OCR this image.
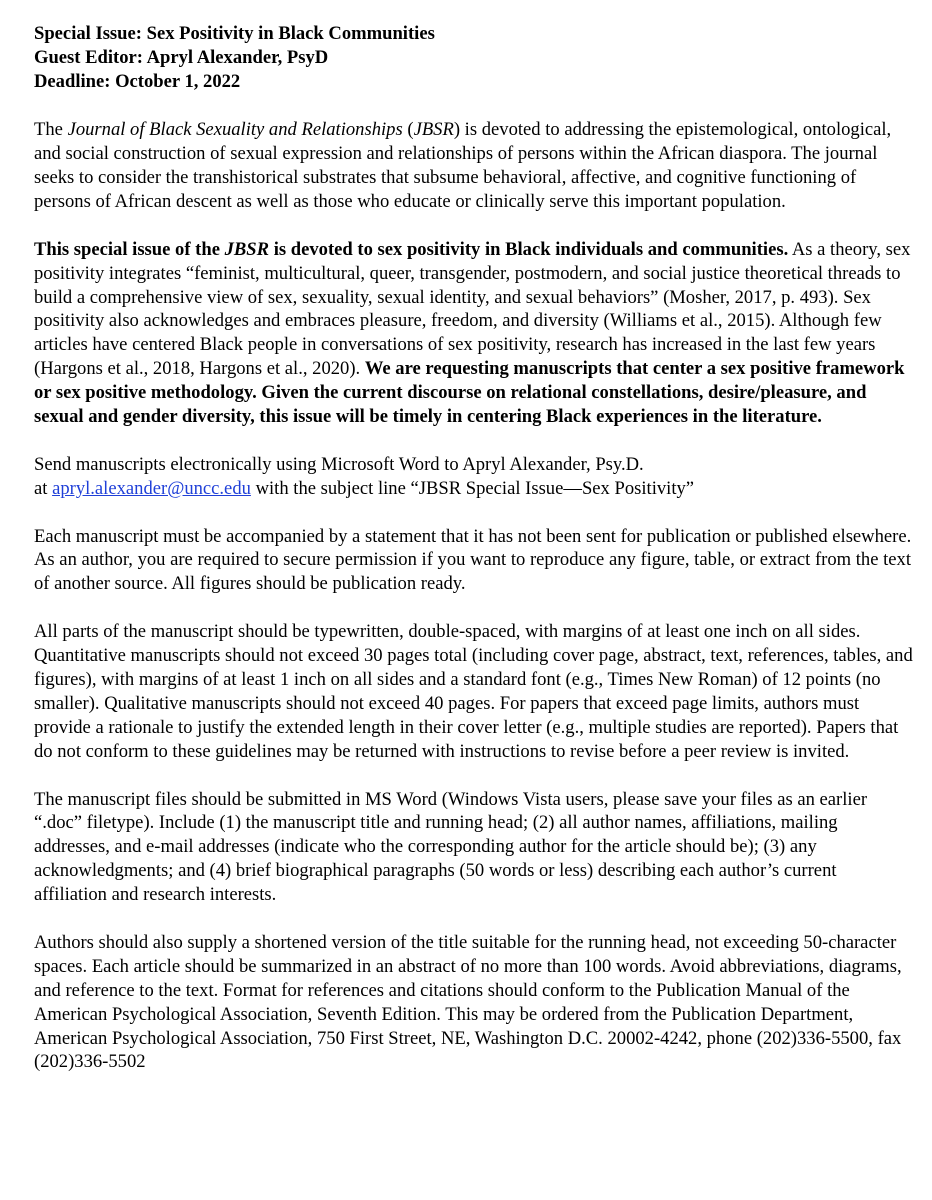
Special Issue: Sex Positivity in Black Communities
Guest Editor: Apryl Alexander, PsyD
Deadline: October 1, 2022

The Journal of Black Sexuality and Relationships (JBSR) is devoted to addressing the epistemological, ontological, and social construction of sexual expression and relationships of persons within the African diaspora. The journal seeks to consider the transhistorical substrates that subsume behavioral, affective, and cognitive functioning of persons of African descent as well as those who educate or clinically serve this important population.

This special issue of the JBSR is devoted to sex positivity in Black individuals and communities. As a theory, sex positivity integrates “feminist, multicultural, queer, transgender, postmodern, and social justice theoretical threads to build a comprehensive view of sex, sexuality, sexual identity, and sexual behaviors” (Mosher, 2017, p. 493). Sex positivity also acknowledges and embraces pleasure, freedom, and diversity (Williams et al., 2015). Although few articles have centered Black people in conversations of sex positivity, research has increased in the last few years (Hargons et al., 2018, Hargons et al., 2020). We are requesting manuscripts that center a sex positive framework or sex positive methodology. Given the current discourse on relational constellations, desire/pleasure, and sexual and gender diversity, this issue will be timely in centering Black experiences in the literature.

Send manuscripts electronically using Microsoft Word to Apryl Alexander, Psy.D.
at apryl.alexander@uncc.edu with the subject line “JBSR Special Issue—Sex Positivity”

Each manuscript must be accompanied by a statement that it has not been sent for publication or published elsewhere. As an author, you are required to secure permission if you want to reproduce any figure, table, or extract from the text of another source. All figures should be publication ready.

All parts of the manuscript should be typewritten, double-spaced, with margins of at least one inch on all sides. Quantitative manuscripts should not exceed 30 pages total (including cover page, abstract, text, references, tables, and figures), with margins of at least 1 inch on all sides and a standard font (e.g., Times New Roman) of 12 points (no smaller). Qualitative manuscripts should not exceed 40 pages. For papers that exceed page limits, authors must provide a rationale to justify the extended length in their cover letter (e.g., multiple studies are reported). Papers that do not conform to these guidelines may be returned with instructions to revise before a peer review is invited.

The manuscript files should be submitted in MS Word (Windows Vista users, please save your files as an earlier “.doc” filetype). Include (1) the manuscript title and running head; (2) all author names, affiliations, mailing addresses, and e-mail addresses (indicate who the corresponding author for the article should be); (3) any acknowledgments; and (4) brief biographical paragraphs (50 words or less) describing each author’s current affiliation and research interests.

Authors should also supply a shortened version of the title suitable for the running head, not exceeding 50-character spaces. Each article should be summarized in an abstract of no more than 100 words. Avoid abbreviations, diagrams, and reference to the text. Format for references and citations should conform to the Publication Manual of the American Psychological Association, Seventh Edition. This may be ordered from the Publication Department, American Psychological Association, 750 First Street, NE, Washington D.C. 20002-4242, phone (202)336-5500, fax (202)336-5502
